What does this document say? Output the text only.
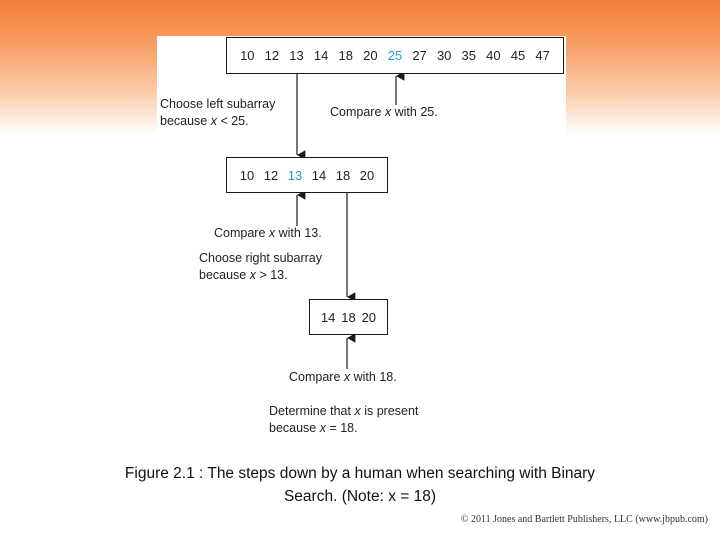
10 12 13 14 18 20 25 27 30 35 40 45 47
10 12 13 14 18 20
14 18 20
Choose left subarray
because x < 25.
Compare x with 25.
Compare x with 13.
Choose right subarray
because x > 13.
Compare x with 18.
Determine that x is present
because x = 18.
Figure 2.1 : The steps down by a human when searching with Binary
Search. (Note: x = 18)
© 2011 Jones and Bartlett Publishers, LLC (www.jbpub.com)
